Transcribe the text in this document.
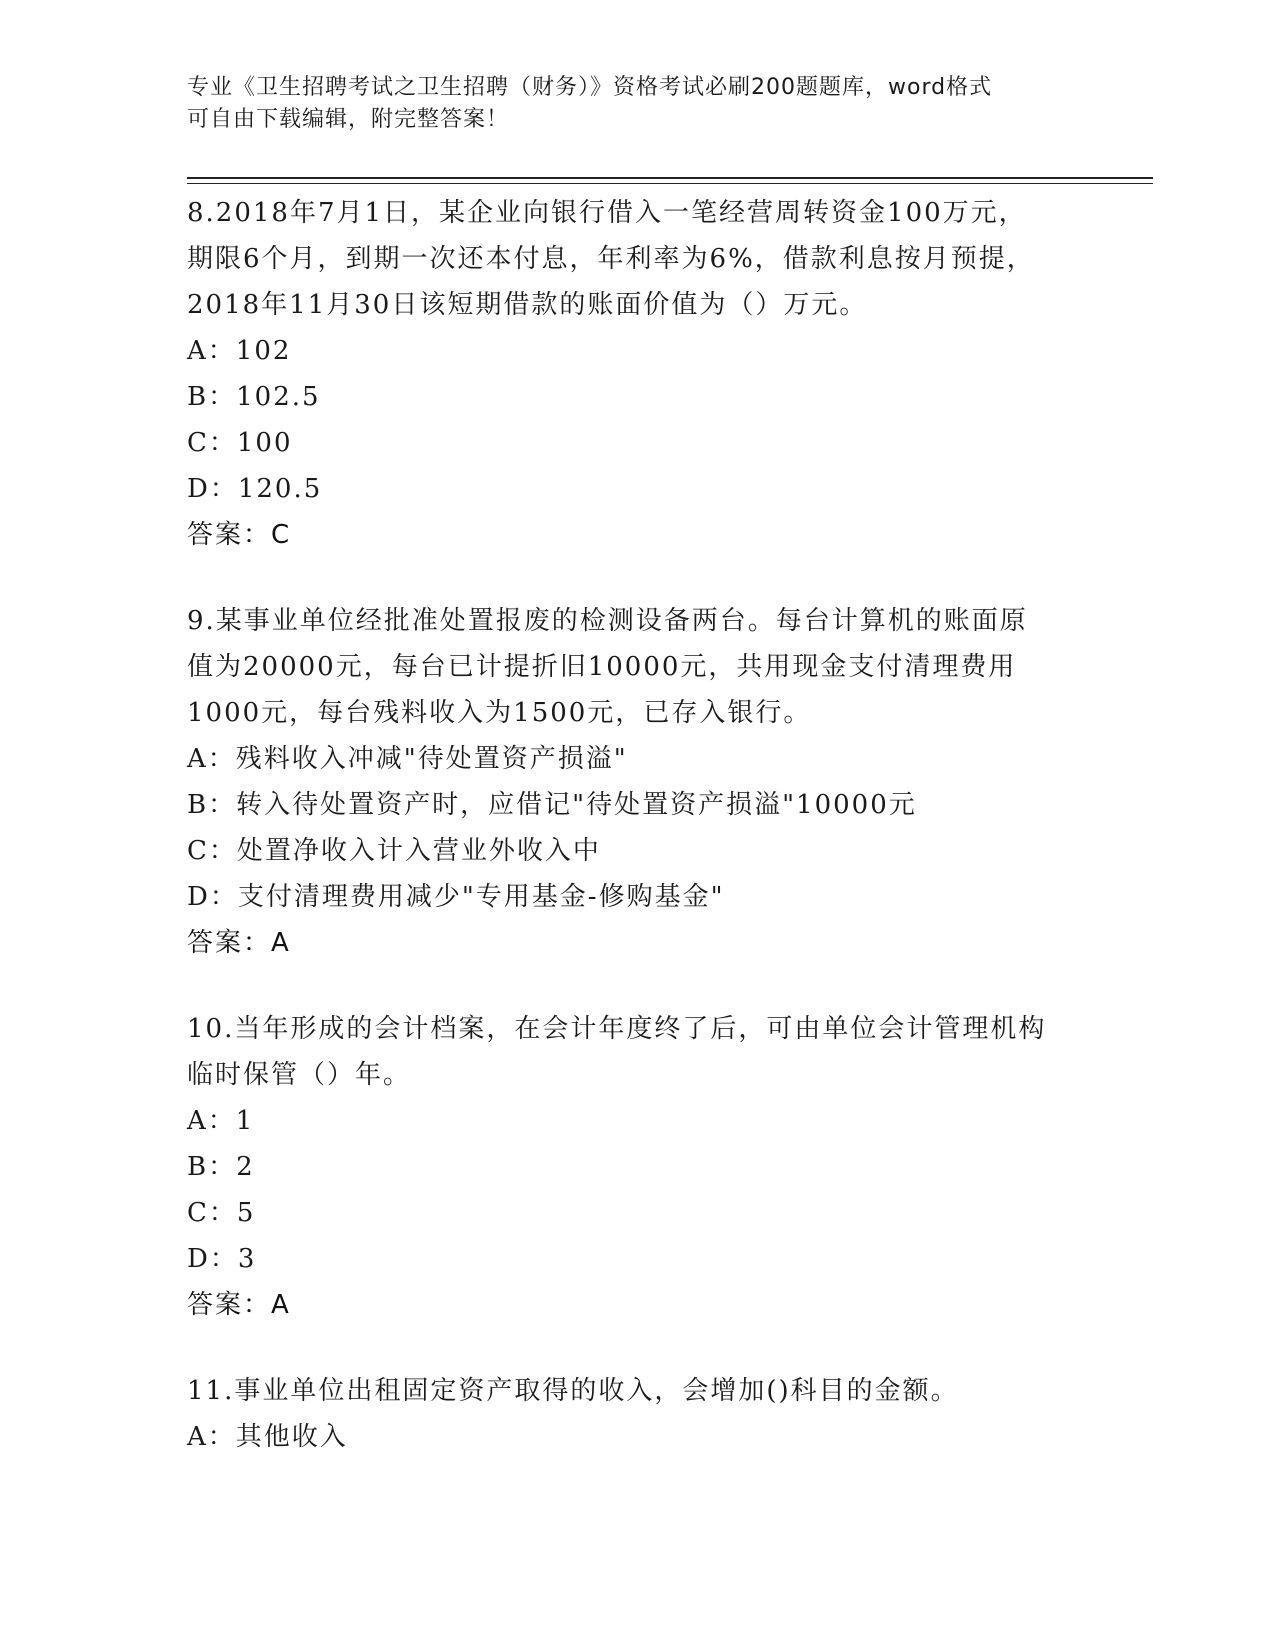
专业《卫生招聘考试之卫生招聘（财务）》资格考试必刷200题题库，word格式
可自由下载编辑，附完整答案！
8.2018年7月1日，某企业向银行借入一笔经营周转资金100万元，
期限6个月，到期一次还本付息，年利率为6%，借款利息按月预提，
2018年11月30日该短期借款的账面价值为（）万元。
A：102
B：102.5
C：100
D：120.5
答案：C
9.某事业单位经批准处置报废的检测设备两台。每台计算机的账面原
值为20000元，每台已计提折旧10000元，共用现金支付清理费用
1000元，每台残料收入为1500元，已存入银行。
A：残料收入冲减"待处置资产损溢"
B：转入待处置资产时，应借记"待处置资产损溢"10000元
C：处置净收入计入营业外收入中
D：支付清理费用减少"专用基金-修购基金"
答案：A
10.当年形成的会计档案，在会计年度终了后，可由单位会计管理机构
临时保管（）年。
A：1
B：2
C：5
D：3
答案：A
11.事业单位出租固定资产取得的收入，会增加()科目的金额。
A：其他收入
